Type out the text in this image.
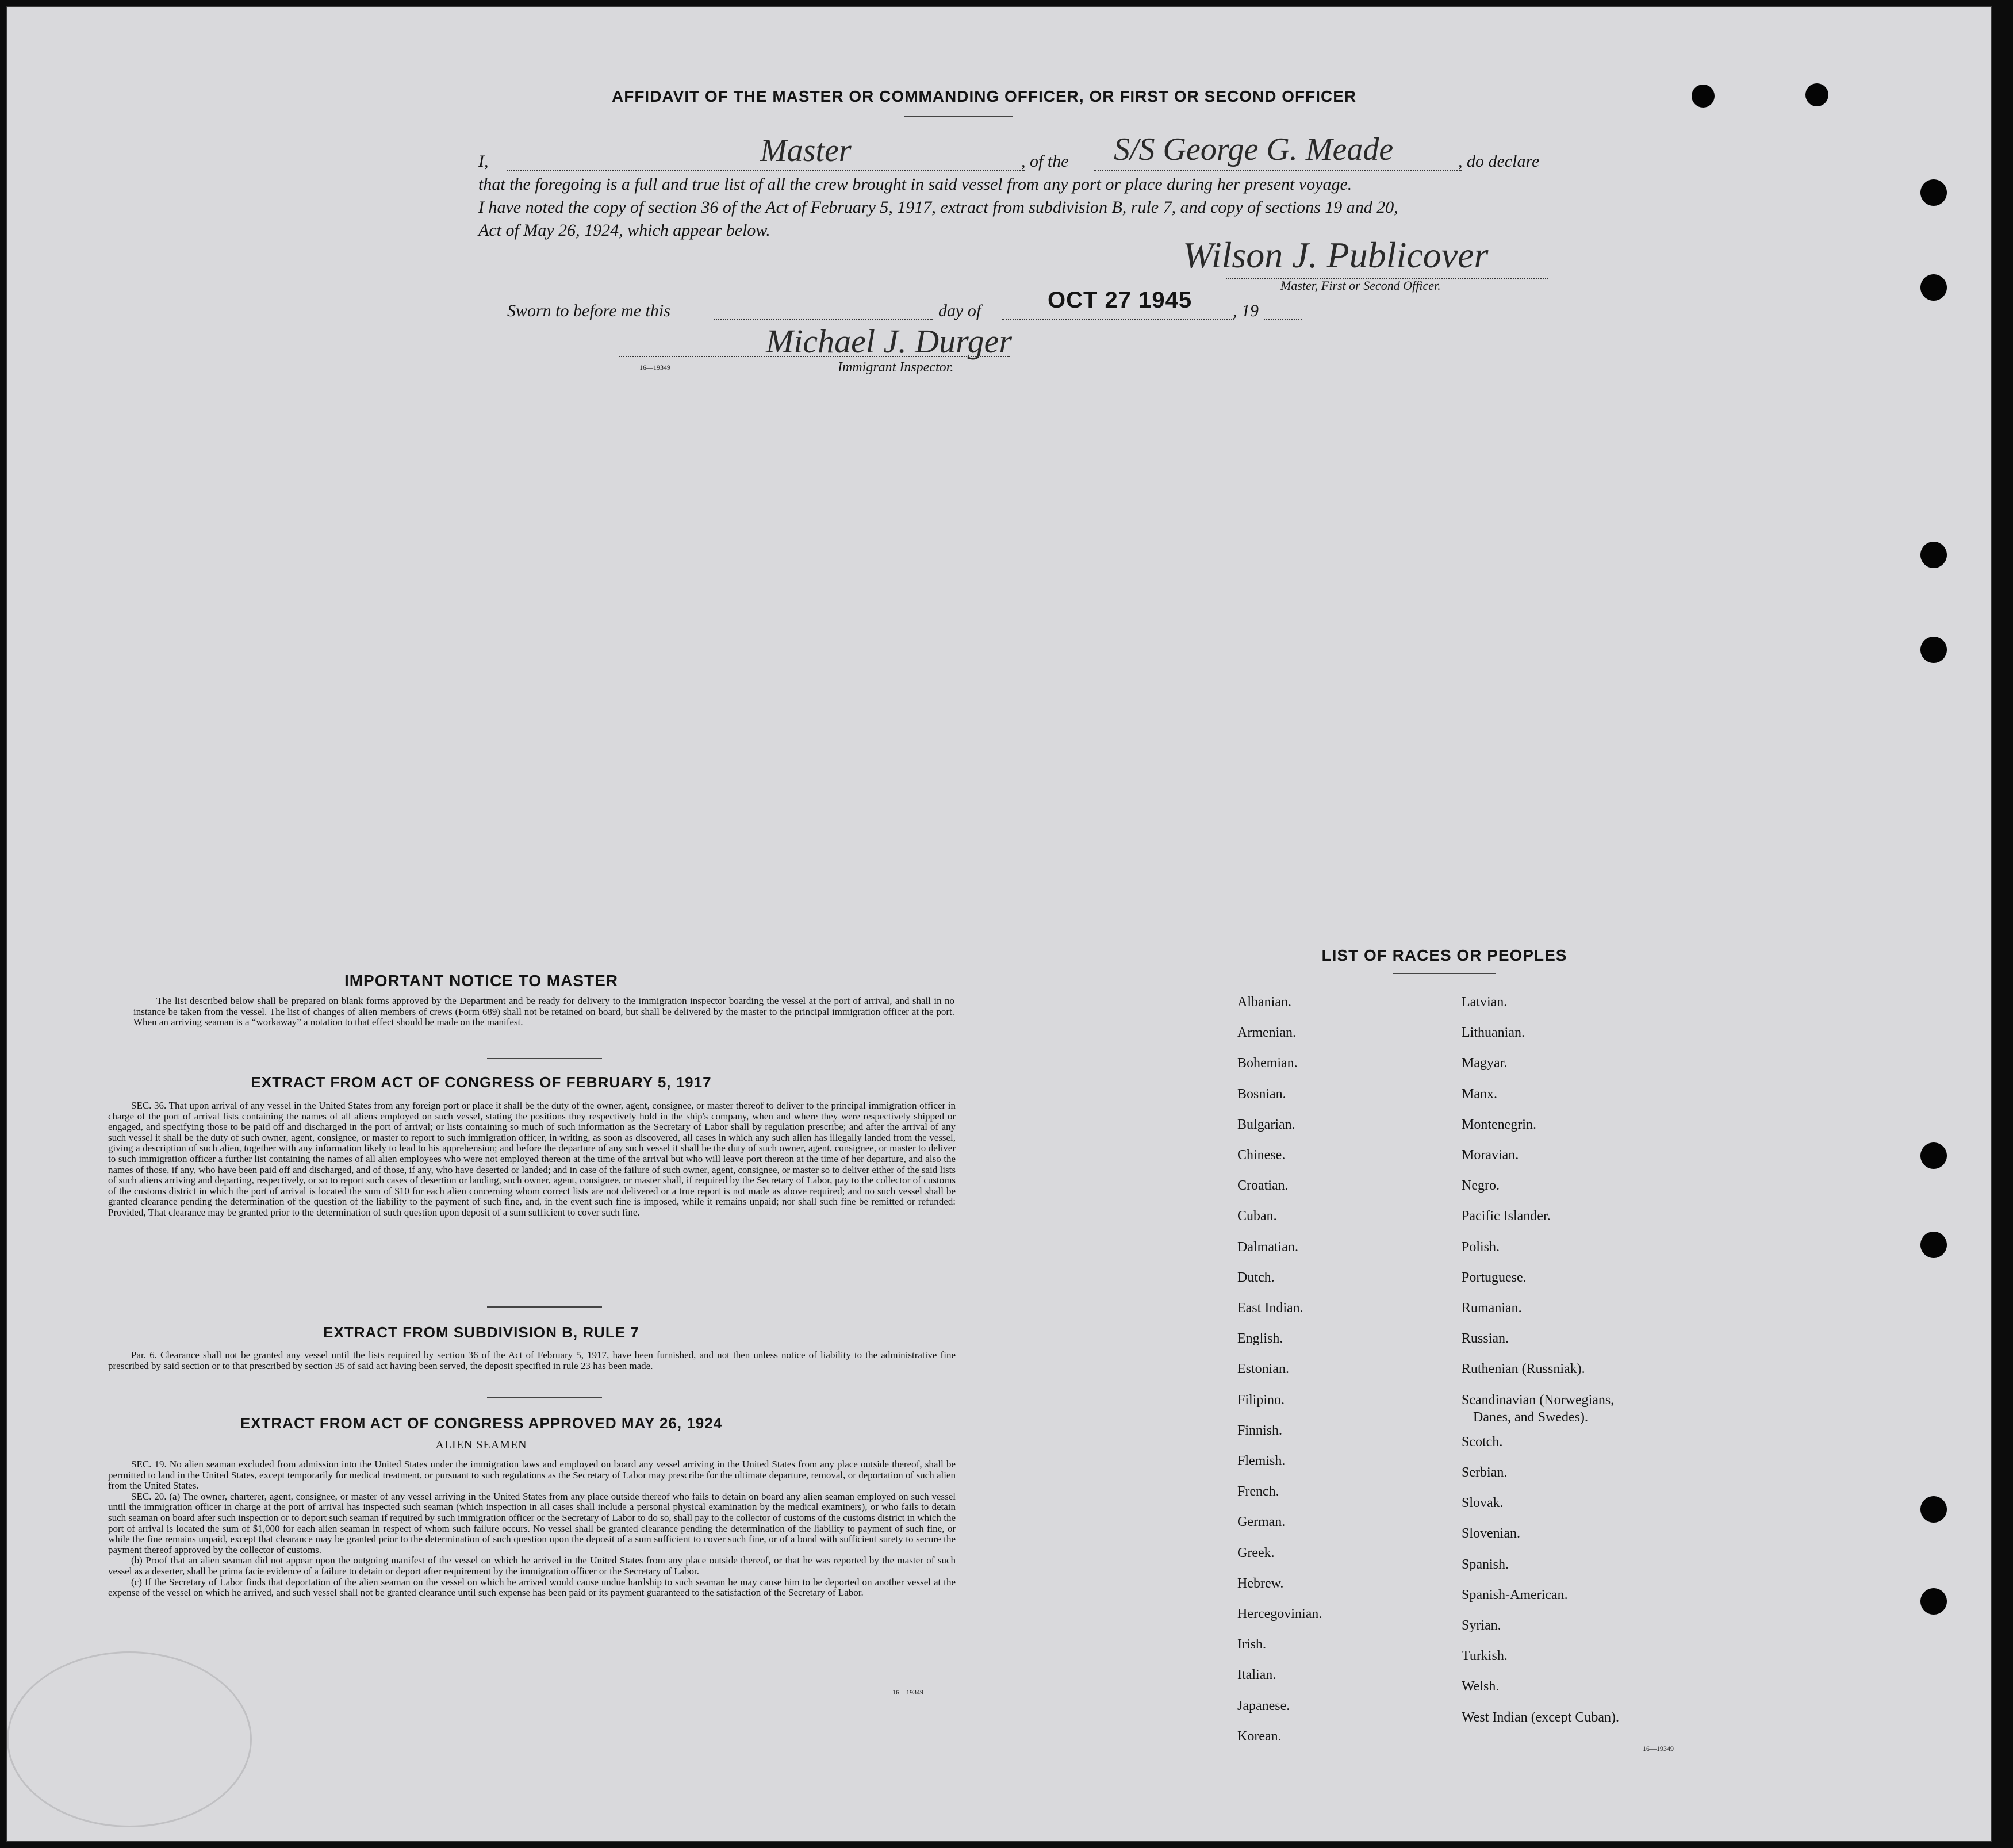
AFFIDAVIT OF THE MASTER OR COMMANDING OFFICER, OR FIRST OR SECOND OFFICER
I,	Master	, of the S/S George G. Meade	, do declare
that the foregoing is a full and true list of all the crew brought in said vessel from any port or place during her present voyage.
I have noted the copy of section 36 of the Act of February 5, 1917, extract from subdivision B, rule 7, and copy of sections 19 and 20,
Act of May 26, 1924, which appear below.
Wilson J. Publicover
Master, First or Second Officer.
Sworn to before me this	day of	OCT 27 1945 , 19
Michael J. Durger
16—19349	Immigrant Inspector.
IMPORTANT NOTICE TO MASTER
The list described below shall be prepared on blank forms approved by the Department and be ready for delivery to the immigration inspector boarding the vessel at the port of arrival, and shall in no instance be taken from the vessel. The list of changes of alien members of crews (Form 689) shall not be retained on board, but shall be delivered by the master to the principal immigration officer at the port. When an arriving seaman is a “workaway” a notation to that effect should be made on the manifest.
EXTRACT FROM ACT OF CONGRESS OF FEBRUARY 5, 1917
SEC. 36. That upon arrival of any vessel in the United States from any foreign port or place it shall be the duty of the owner, agent, consignee, or master thereof to deliver to the principal immigration officer in charge of the port of arrival lists containing the names of all aliens employed on such vessel, stating the positions they respectively hold in the ship's company, when and where they were respectively shipped or engaged, and specifying those to be paid off and discharged in the port of arrival; or lists containing so much of such information as the Secretary of Labor shall by regulation prescribe; and after the arrival of any such vessel it shall be the duty of such owner, agent, consignee, or master to report to such immigration officer, in writing, as soon as discovered, all cases in which any such alien has illegally landed from the vessel, giving a description of such alien, together with any information likely to lead to his apprehension; and before the departure of any such vessel it shall be the duty of such owner, agent, consignee, or master to deliver to such immigration officer a further list containing the names of all alien employees who were not employed thereon at the time of the arrival but who will leave port thereon at the time of her departure, and also the names of those, if any, who have been paid off and discharged, and of those, if any, who have deserted or landed; and in case of the failure of such owner, agent, consignee, or master so to deliver either of the said lists of such aliens arriving and departing, respectively, or so to report such cases of desertion or landing, such owner, agent, consignee, or master shall, if required by the Secretary of Labor, pay to the collector of customs of the customs district in which the port of arrival is located the sum of $10 for each alien concerning whom correct lists are not delivered or a true report is not made as above required; and no such vessel shall be granted clearance pending the determination of the question of the liability to the payment of such fine, and, in the event such fine is imposed, while it remains unpaid; nor shall such fine be remitted or refunded: Provided, That clearance may be granted prior to the determination of such question upon deposit of a sum sufficient to cover such fine.
EXTRACT FROM SUBDIVISION B, RULE 7
Par. 6. Clearance shall not be granted any vessel until the lists required by section 36 of the Act of February 5, 1917, have been furnished, and not then unless notice of liability to the administrative fine prescribed by said section or to that prescribed by section 35 of said act having been served, the deposit specified in rule 23 has been made.
EXTRACT FROM ACT OF CONGRESS APPROVED MAY 26, 1924
ALIEN SEAMEN
SEC. 19. No alien seaman excluded from admission into the United States under the immigration laws and employed on board any vessel arriving in the United States from any place outside thereof, shall be permitted to land in the United States, except temporarily for medical treatment, or pursuant to such regulations as the Secretary of Labor may prescribe for the ultimate departure, removal, or deportation of such alien from the United States.
SEC. 20. (a) The owner, charterer, agent, consignee, or master of any vessel arriving in the United States from any place outside thereof who fails to detain on board any alien seaman employed on such vessel until the immigration officer in charge at the port of arrival has inspected such seaman (which inspection in all cases shall include a personal physical examination by the medical examiners), or who fails to detain such seaman on board after such inspection or to deport such seaman if required by such immigration officer or the Secretary of Labor to do so, shall pay to the collector of customs of the customs district in which the port of arrival is located the sum of $1,000 for each alien seaman in respect of whom such failure occurs. No vessel shall be granted clearance pending the determination of the liability to payment of such fine, or while the fine remains unpaid, except that clearance may be granted prior to the determination of such question upon the deposit of a sum sufficient to cover such fine, or of a bond with sufficient surety to secure the payment thereof approved by the collector of customs.
(b) Proof that an alien seaman did not appear upon the outgoing manifest of the vessel on which he arrived in the United States from any place outside thereof, or that he was reported by the master of such vessel as a deserter, shall be prima facie evidence of a failure to detain or deport after requirement by the immigration officer or the Secretary of Labor.
(c) If the Secretary of Labor finds that deportation of the alien seaman on the vessel on which he arrived would cause undue hardship to such seaman he may cause him to be deported on another vessel at the expense of the vessel on which he arrived, and such vessel shall not be granted clearance until such expense has been paid or its payment guaranteed to the satisfaction of the Secretary of Labor.
16—19349
LIST OF RACES OR PEOPLES
Albanian.
Armenian.
Bohemian.
Bosnian.
Bulgarian.
Chinese.
Croatian.
Cuban.
Dalmatian.
Dutch.
East Indian.
English.
Estonian.
Filipino.
Finnish.
Flemish.
French.
German.
Greek.
Hebrew.
Hercegovinian.
Irish.
Italian.
Japanese.
Korean.
Latvian.
Lithuanian.
Magyar.
Manx.
Montenegrin.
Moravian.
Negro.
Pacific Islander.
Polish.
Portuguese.
Rumanian.
Russian.
Ruthenian (Russniak).
Scandinavian (Norwegians,
Danes, and Swedes).
Scotch.
Serbian.
Slovak.
Slovenian.
Spanish.
Spanish-American.
Syrian.
Turkish.
Welsh.
West Indian (except Cuban).
16—19349
